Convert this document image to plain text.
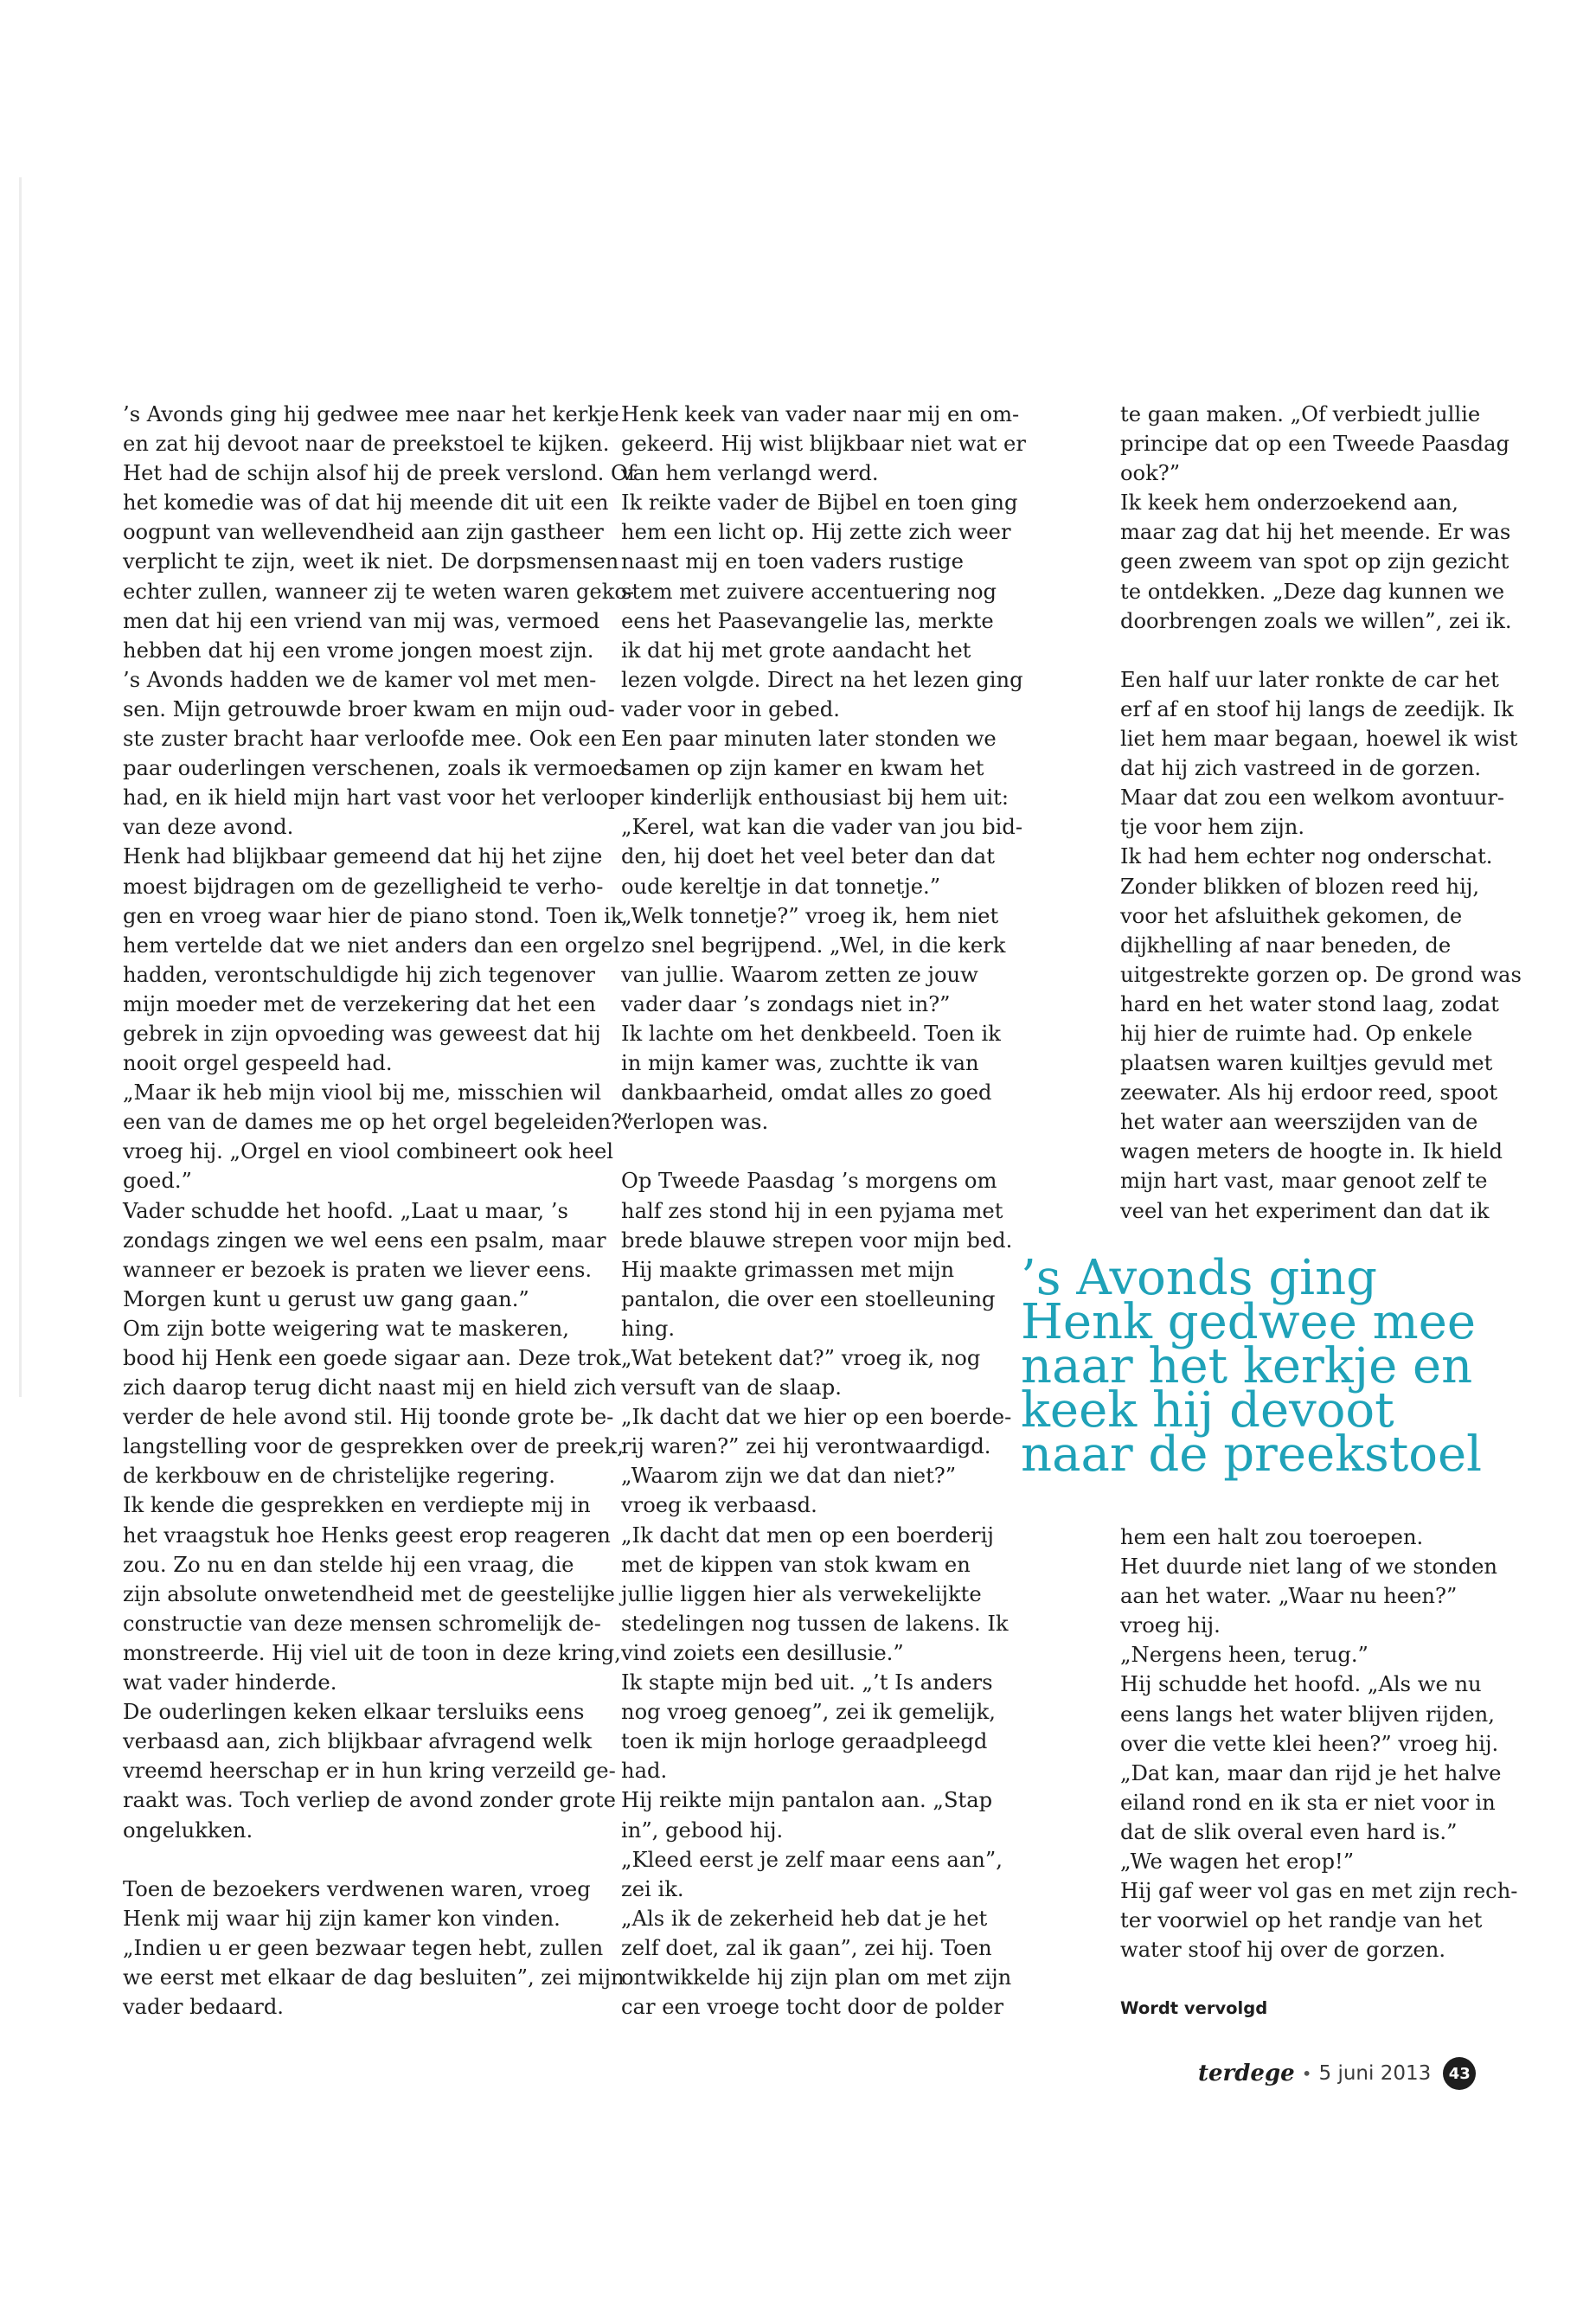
’s Avonds ging hij gedwee mee naar het kerkje

en zat hij devoot naar de preekstoel te kijken.

Het had de schijn alsof hij de preek verslond. Of

het komedie was of dat hij meende dit uit een

oogpunt van wellevendheid aan zijn gastheer

verplicht te zijn, weet ik niet. De dorpsmensen

echter zullen, wanneer zij te weten waren geko-

men dat hij een vriend van mij was, vermoed

hebben dat hij een vrome jongen moest zijn.

’s Avonds hadden we de kamer vol met men-

sen. Mijn getrouwde broer kwam en mijn oud-

ste zuster bracht haar verloofde mee. Ook een

paar ouderlingen verschenen, zoals ik vermoed

had, en ik hield mijn hart vast voor het verloop

van deze avond.

Henk had blijkbaar gemeend dat hij het zijne

moest bijdragen om de gezelligheid te verho-

gen en vroeg waar hier de piano stond. Toen ik

hem vertelde dat we niet anders dan een orgel

hadden, verontschuldigde hij zich tegenover

mijn moeder met de verzekering dat het een

gebrek in zijn opvoeding was geweest dat hij

nooit orgel gespeeld had.

„Maar ik heb mijn viool bij me, misschien wil

een van de dames me op het orgel begeleiden?”

vroeg hij. „Orgel en viool combineert ook heel

goed.”

Vader schudde het hoofd. „Laat u maar, ’s

zondags zingen we wel eens een psalm, maar

wanneer er bezoek is praten we liever eens.

Morgen kunt u gerust uw gang gaan.”

Om zijn botte weigering wat te maskeren,

bood hij Henk een goede sigaar aan. Deze trok

zich daarop terug dicht naast mij en hield zich

verder de hele avond stil. Hij toonde grote be-

langstelling voor de gesprekken over de preek,

de kerkbouw en de christelijke regering.

Ik kende die gesprekken en verdiepte mij in

het vraagstuk hoe Henks geest erop reageren

zou. Zo nu en dan stelde hij een vraag, die

zijn absolute onwetendheid met de geestelijke

constructie van deze mensen schromelijk de-

monstreerde. Hij viel uit de toon in deze kring,

wat vader hinderde.

De ouderlingen keken elkaar tersluiks eens

verbaasd aan, zich blijkbaar afvragend welk

vreemd heerschap er in hun kring verzeild ge-

raakt was. Toch verliep de avond zonder grote

ongelukken.

Toen de bezoekers verdwenen waren, vroeg

Henk mij waar hij zijn kamer kon vinden.

„Indien u er geen bezwaar tegen hebt, zullen

we eerst met elkaar de dag besluiten”, zei mijn

vader bedaard.

Henk keek van vader naar mij en om-

gekeerd. Hij wist blijkbaar niet wat er

van hem verlangd werd.

Ik reikte vader de Bijbel en toen ging

hem een licht op. Hij zette zich weer

naast mij en toen vaders rustige

stem met zuivere accentuering nog

eens het Paasevangelie las, merkte

ik dat hij met grote aandacht het

lezen volgde. Direct na het lezen ging

vader voor in gebed.

Een paar minuten later stonden we

samen op zijn kamer en kwam het

er kinderlijk enthousiast bij hem uit:

„Kerel, wat kan die vader van jou bid-

den, hij doet het veel beter dan dat

oude kereltje in dat tonnetje.”

„Welk tonnetje?” vroeg ik, hem niet

zo snel begrijpend. „Wel, in die kerk

van jullie. Waarom zetten ze jouw

vader daar ’s zondags niet in?”

Ik lachte om het denkbeeld. Toen ik

in mijn kamer was, zuchtte ik van

dankbaarheid, omdat alles zo goed

verlopen was.

Op Tweede Paasdag ’s morgens om

half zes stond hij in een pyjama met

brede blauwe strepen voor mijn bed.

Hij maakte grimassen met mijn

pantalon, die over een stoelleuning

hing.

„Wat betekent dat?” vroeg ik, nog

versuft van de slaap.

„Ik dacht dat we hier op een boerde-

rij waren?” zei hij verontwaardigd.

„Waarom zijn we dat dan niet?”

vroeg ik verbaasd.

„Ik dacht dat men op een boerderij

met de kippen van stok kwam en

jullie liggen hier als verwekelijkte

stedelingen nog tussen de lakens. Ik

vind zoiets een desillusie.”

Ik stapte mijn bed uit. „’t Is anders

nog vroeg genoeg”, zei ik gemelijk,

toen ik mijn horloge geraadpleegd

had.

Hij reikte mijn pantalon aan. „Stap

in”, gebood hij.

„Kleed eerst je zelf maar eens aan”,

zei ik.

„Als ik de zekerheid heb dat je het

zelf doet, zal ik gaan”, zei hij. Toen

ontwikkelde hij zijn plan om met zijn

car een vroege tocht door de polder

te gaan maken. „Of verbiedt jullie

principe dat op een Tweede Paasdag

ook?”

Ik keek hem onderzoekend aan,

maar zag dat hij het meende. Er was

geen zweem van spot op zijn gezicht

te ontdekken. „Deze dag kunnen we

doorbrengen zoals we willen”, zei ik.

Een half uur later ronkte de car het

erf af en stoof hij langs de zeedijk. Ik

liet hem maar begaan, hoewel ik wist

dat hij zich vastreed in de gorzen.

Maar dat zou een welkom avontuur-

tje voor hem zijn.

Ik had hem echter nog onderschat.

Zonder blikken of blozen reed hij,

voor het afsluithek gekomen, de

dijkhelling af naar beneden, de

uitgestrekte gorzen op. De grond was

hard en het water stond laag, zodat

hij hier de ruimte had. Op enkele

plaatsen waren kuiltjes gevuld met

zeewater. Als hij erdoor reed, spoot

het water aan weerszijden van de

wagen meters de hoogte in. Ik hield

mijn hart vast, maar genoot zelf te

veel van het experiment dan dat ik

’s Avonds ging

Henk gedwee mee

naar het kerkje en

keek hij devoot

naar de preekstoel

hem een halt zou toeroepen.

Het duurde niet lang of we stonden

aan het water. „Waar nu heen?”

vroeg hij.

„Nergens heen, terug.”

Hij schudde het hoofd. „Als we nu

eens langs het water blijven rijden,

over die vette klei heen?” vroeg hij.

„Dat kan, maar dan rijd je het halve

eiland rond en ik sta er niet voor in

dat de slik overal even hard is.”

„We wagen het erop!”

Hij gaf weer vol gas en met zijn rech-

ter voorwiel op het randje van het

water stoof hij over de gorzen.

Wordt vervolgd
terdege • 5 juni 2013	43
